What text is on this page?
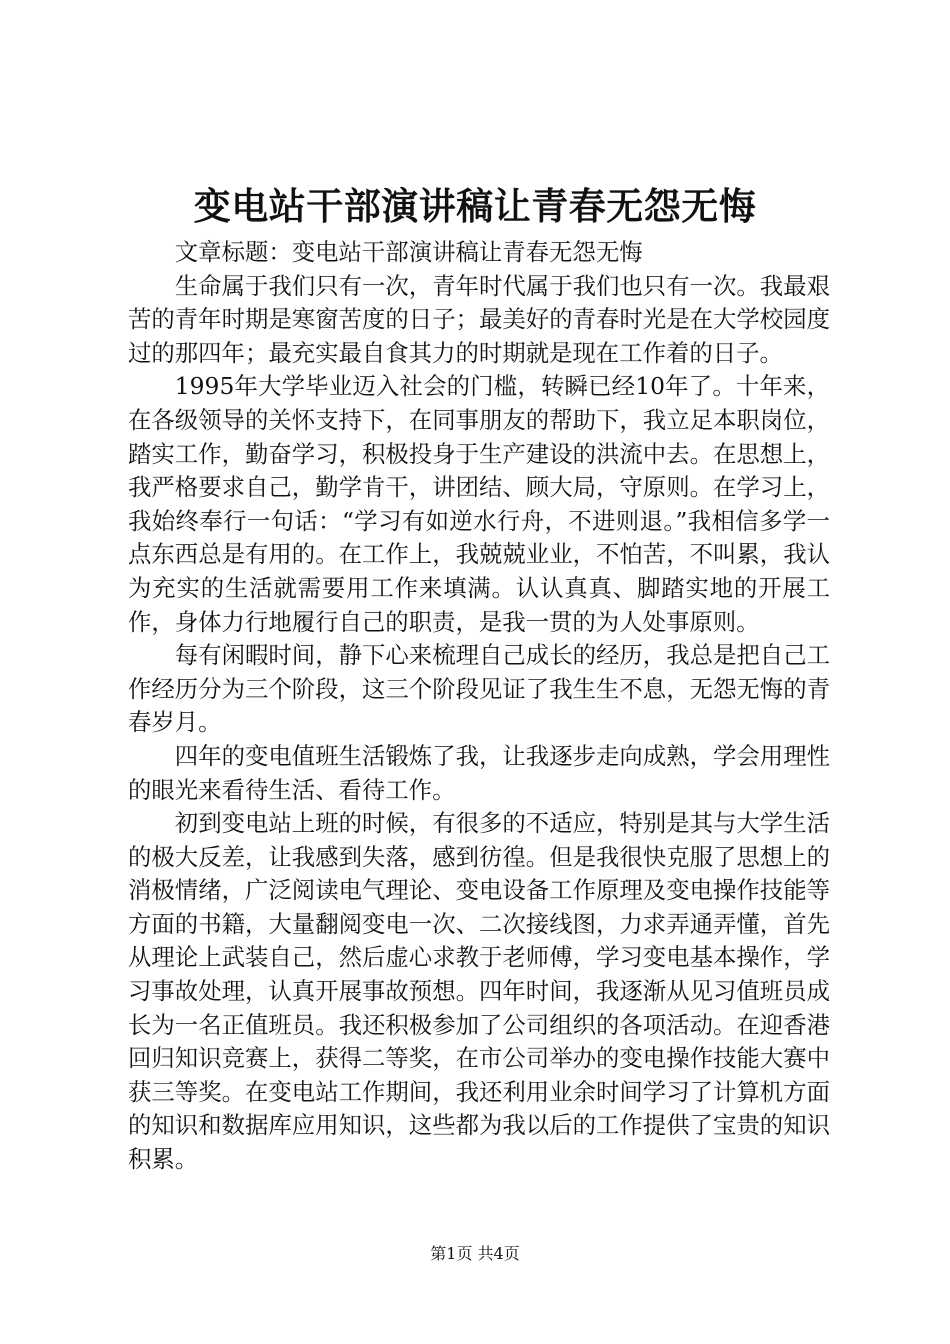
变电站干部演讲稿让青春无怨无悔

文章标题：变电站干部演讲稿让青春无怨无悔

生命属于我们只有一次，青年时代属于我们也只有一次。我最艰苦的青年时期是寒窗苦度的日子；最美好的青春时光是在大学校园度过的那四年；最充实最自食其力的时期就是现在工作着的日子。

1995年大学毕业迈入社会的门槛，转瞬已经10年了。十年来，在各级领导的关怀支持下，在同事朋友的帮助下，我立足本职岗位，踏实工作，勤奋学习，积极投身于生产建设的洪流中去。在思想上，我严格要求自己，勤学肯干，讲团结、顾大局，守原则。在学习上，我始终奉行一句话：“学习有如逆水行舟，不进则退。”我相信多学一点东西总是有用的。在工作上，我兢兢业业，不怕苦，不叫累，我认为充实的生活就需要用工作来填满。认认真真、脚踏实地的开展工作，身体力行地履行自己的职责，是我一贯的为人处事原则。

每有闲暇时间，静下心来梳理自己成长的经历，我总是把自己工作经历分为三个阶段，这三个阶段见证了我生生不息，无怨无悔的青春岁月。

四年的变电值班生活锻炼了我，让我逐步走向成熟，学会用理性的眼光来看待生活、看待工作。

初到变电站上班的时候，有很多的不适应，特别是其与大学生活的极大反差，让我感到失落，感到彷徨。但是我很快克服了思想上的消极情绪，广泛阅读电气理论、变电设备工作原理及变电操作技能等方面的书籍，大量翻阅变电一次、二次接线图，力求弄通弄懂，首先从理论上武装自己，然后虚心求教于老师傅，学习变电基本操作，学习事故处理，认真开展事故预想。四年时间，我逐渐从见习值班员成长为一名正值班员。我还积极参加了公司组织的各项活动。在迎香港回归知识竞赛上，获得二等奖，在市公司举办的变电操作技能大赛中获三等奖。在变电站工作期间，我还利用业余时间学习了计算机方面的知识和数据库应用知识，这些都为我以后的工作提供了宝贵的知识积累。

第1页 共4页
